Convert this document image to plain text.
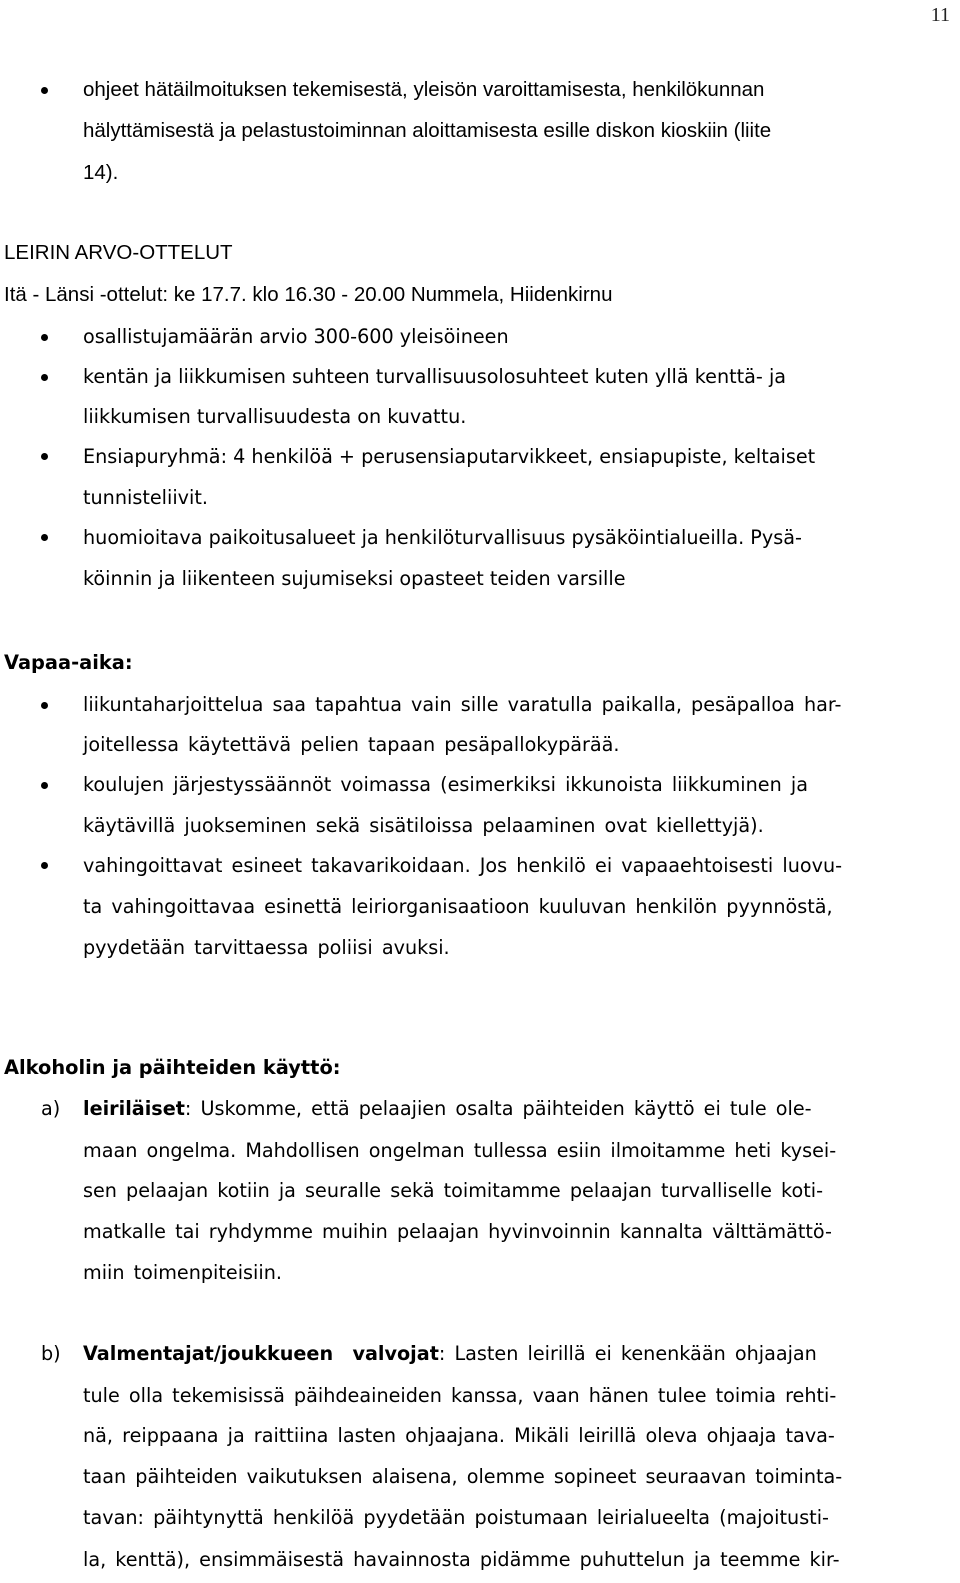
11
ohjeet hätäilmoituksen tekemisestä, yleisön varoittamisesta, henkilökunnan
hälyttämisestä ja pelastustoiminnan aloittamisesta esille diskon kioskiin (liite
14).
LEIRIN ARVO-OTTELUT
Itä - Länsi -ottelut: ke 17.7. klo 16.30 - 20.00 Nummela, Hiidenkirnu
osallistujamäärän arvio 300-600 yleisöineen
kentän ja liikkumisen suhteen turvallisuusolosuhteet kuten yllä kenttä- ja
liikkumisen turvallisuudesta on kuvattu.
Ensiapuryhmä: 4 henkilöä + perusensiaputarvikkeet, ensiapupiste, keltaiset
tunnisteliivit.
huomioitava paikoitusalueet ja henkilöturvallisuus pysäköintialueilla. Pysä-
köinnin ja liikenteen sujumiseksi opasteet teiden varsille
Vapaa-aika:
liikuntaharjoittelua saa tapahtua vain sille varatulla paikalla, pesäpalloa har-
joitellessa käytettävä pelien tapaan pesäpallokypärää.
koulujen järjestyssäännöt voimassa (esimerkiksi ikkunoista liikkuminen ja
käytävillä juokseminen sekä sisätiloissa pelaaminen ovat kiellettyjä).
vahingoittavat esineet takavarikoidaan. Jos henkilö ei vapaaehtoisesti luovu-
ta vahingoittavaa esinettä leiriorganisaatioon kuuluvan henkilön pyynnöstä,
pyydetään tarvittaessa poliisi avuksi.
Alkoholin ja päihteiden käyttö:
a) leiriläiset: Uskomme, että pelaajien osalta päihteiden käyttö ei tule ole-
maan ongelma. Mahdollisen ongelman tullessa esiin ilmoitamme heti kysei-
sen pelaajan kotiin ja seuralle sekä toimitamme pelaajan turvalliselle koti-
matkalle tai ryhdymme muihin pelaajan hyvinvoinnin kannalta välttämättö-
miin toimenpiteisiin.
b) Valmentajat/joukkueen  valvojat: Lasten leirillä ei kenenkään ohjaajan
tule olla tekemisissä päihdeaineiden kanssa, vaan hänen tulee toimia rehti-
nä, reippaana ja raittiina lasten ohjaajana. Mikäli leirillä oleva ohjaaja tava-
taan päihteiden vaikutuksen alaisena, olemme sopineet seuraavan toiminta-
tavan: päihtynyttä henkilöä pyydetään poistumaan leirialueelta (majoitusti-
la, kenttä), ensimmäisestä havainnosta pidämme puhuttelun ja teemme kir-
